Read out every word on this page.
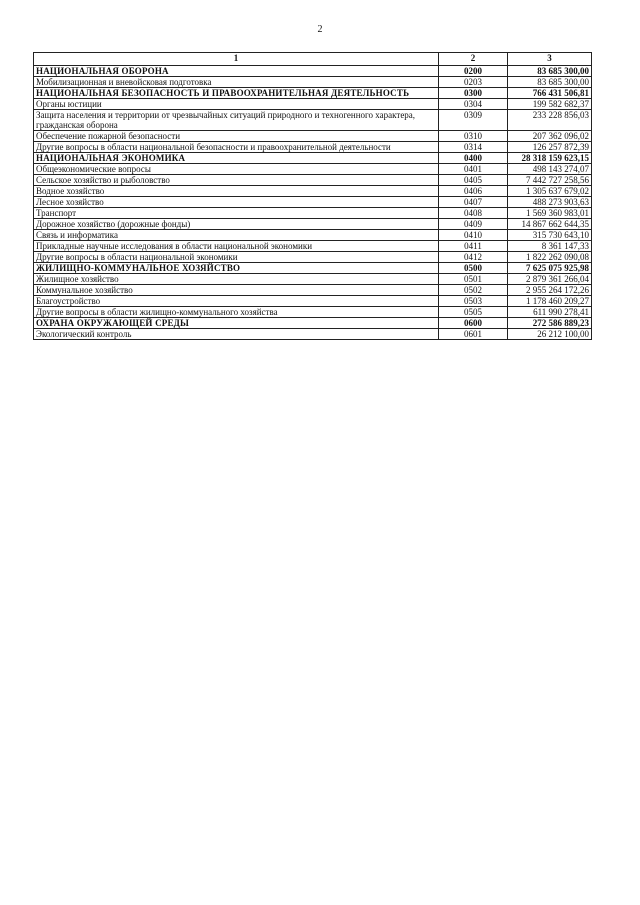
2
1	2	3
НАЦИОНАЛЬНАЯ ОБОРОНА	0200	83 685 300,00
Мобилизационная и вневойсковая подготовка	0203	83 685 300,00
НАЦИОНАЛЬНАЯ БЕЗОПАСНОСТЬ И ПРАВООХРАНИТЕЛЬНАЯ ДЕЯТЕЛЬНОСТЬ	0300	766 431 506,81
Органы юстиции	0304	199 582 682,37
Защита населения и территории от чрезвычайных ситуаций природного и техногенного характера, гражданская оборона	0309	233 228 856,03
Обеспечение пожарной безопасности	0310	207 362 096,02
Другие вопросы в области национальной безопасности и правоохранительной деятельности	0314	126 257 872,39
НАЦИОНАЛЬНАЯ ЭКОНОМИКА	0400	28 318 159 623,15
Общеэкономические вопросы	0401	498 143 274,07
Сельское хозяйство и рыболовство	0405	7 442 727 258,56
Водное хозяйство	0406	1 305 637 679,02
Лесное хозяйство	0407	488 273 903,63
Транспорт	0408	1 569 360 983,01
Дорожное хозяйство (дорожные фонды)	0409	14 867 662 644,35
Связь и информатика	0410	315 730 643,10
Прикладные научные исследования в области национальной экономики	0411	8 361 147,33
Другие вопросы в области национальной экономики	0412	1 822 262 090,08
ЖИЛИЩНО-КОММУНАЛЬНОЕ ХОЗЯЙСТВО	0500	7 625 075 925,98
Жилищное хозяйство	0501	2 879 361 266,04
Коммунальное хозяйство	0502	2 955 264 172,26
Благоустройство	0503	1 178 460 209,27
Другие вопросы в области жилищно-коммунального хозяйства	0505	611 990 278,41
ОХРАНА ОКРУЖАЮЩЕЙ СРЕДЫ	0600	272 586 889,23
Экологический контроль	0601	26 212 100,00
